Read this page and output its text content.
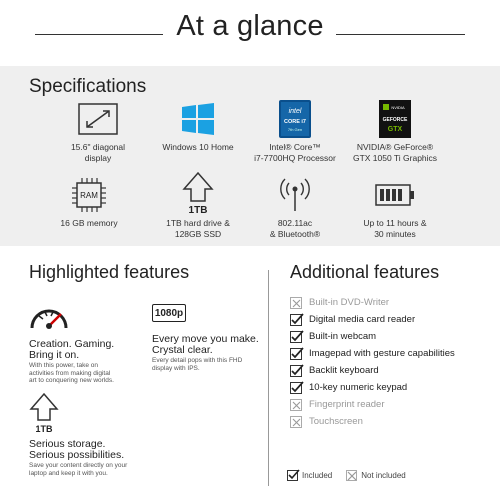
At a glance
Specifications
15.6" diagonal
display
Windows 10 Home
intel
CORE i7
7th Gen
Intel® Core™
i7-7700HQ Processor
NVIDIA
GEFORCE
GTX
NVIDIA® GeForce®
GTX 1050 Ti Graphics
RAM
16 GB memory
1TB
1TB hard drive &
128GB SSD
802.11ac
& Bluetooth®
Up to 11 hours &
30 minutes
Highlighted features
Creation. Gaming.
Bring it on.
With this power, take on
activities from making digital
art to conquering new worlds.
1080p
Every move you make.
Crystal clear.
Every detail pops with this FHD
display with IPS.
1TB
Serious storage.
Serious possibilities.
Save your content directly on your
laptop and keep it with you.
Additional features
Built-in DVD-Writer
Digital media card reader
Built-in webcam
Imagepad with gesture capabilities
Backlit keyboard
10-key numeric keypad
Fingerprint reader
Touchscreen
Included	Not included
